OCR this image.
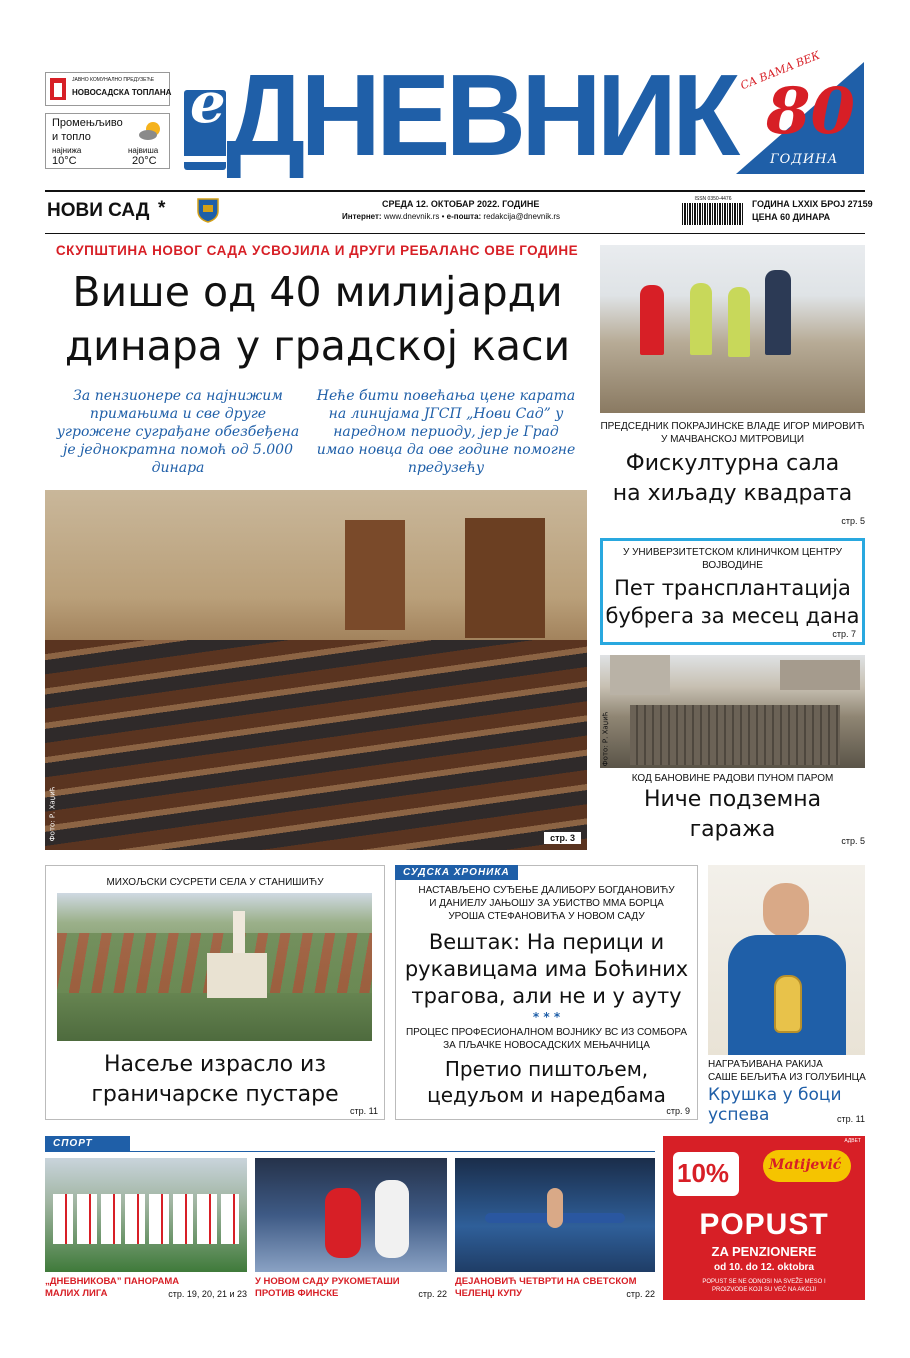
ЈАВНО КОМУНАЛНО ПРЕДУЗЕЋЕ
НОВОСАДСКА ТОПЛАНА
Промењљиво
и топло
најнижа
10°C
највиша
20°C
e ДНЕВНИК СА ВАМА ВЕК
80
ГОДИНА
НОВИ САД *	СРЕДА 12. ОКТОБАР 2022. ГОДИНЕ
Интернет: www.dnevnik.rs • е-пошта: redakcija@dnevnik.rs
ISSN 0350-4476	ГОДИНА LXXIX БРОЈ 27159
ЦЕНА 60 ДИНАРА
СКУПШТИНА НОВОГ САДА УСВОЈИЛА И ДРУГИ РЕБАЛАНС ОВЕ ГОДИНЕ
Више од 40 милијарди
динара у градској каси
За пензионере са најнижим примањима и све друге угрожене суграђане обезбеђена је једнократна помоћ од 5.000 динара
Неће бити повећања цене карата на линијама ЈГСП „Нови Сад” у наредном периоду, јер је Град имао новца да ове године помогне предузећу
Фото: Р. Хаџић	стр. 3
ПРЕДСЕДНИК ПОКРАЈИНСКЕ ВЛАДЕ ИГОР МИРОВИЋ
У МАЧВАНСКОЈ МИТРОВИЦИ
Фискултурна сала
на хиљаду квадрата
стр. 5
У УНИВЕРЗИТЕТСКОМ КЛИНИЧКОМ ЦЕНТРУ
ВОЈВОДИНЕ
Пет трансплантација
бубрега за месец дана
стр. 7
Фото: Р. Хаџић
КОД БАНОВИНЕ РАДОВИ ПУНОМ ПАРОМ
Ниче подземна
гаража	стр. 5
МИХОЉСКИ СУСРЕТИ СЕЛА У СТАНИШИЋУ
Насеље израсло из
граничарске пустаре
стр. 11
СУДСКА ХРОНИКА
НАСТАВЉЕНО СУЂЕЊЕ ДАЛИБОРУ БОГДАНОВИЋУ
И ДАНИЕЛУ ЈАЊОШУ ЗА УБИСТВО ММА БОРЦА
УРОША СТЕФАНОВИЋА У НОВОМ САДУ
Вештак: На перици и
рукавицама има Боћиних
трагова, али не и у ауту
* * *
ПРОЦЕС ПРОФЕСИОНАЛНОМ ВОЈНИКУ ВС ИЗ СОМБОРА
ЗА ПЉАЧКЕ НОВОСАДСКИХ МЕЊАЧНИЦА
Претио пиштољем,
цедуљом и наредбама
стр. 9
НАГРАЂИВАНА РАКИЈА
САШЕ БЕЉИЋА ИЗ ГОЛУБИНЦА
Крушка у боци
успева	стр. 11
СПОРТ
„ДНЕВНИКОВА” ПАНОРАМА
МАЛИХ ЛИГА	стр. 19, 20, 21 и 23
У НОВОМ САДУ РУКОМЕТАШИ
ПРОТИВ ФИНСКЕ	стр. 22
ДЕЈАНОВИЋ ЧЕТВРТИ НА СВЕТСКОМ
ЧЕЛЕНЏ КУПУ	стр. 22
АДВЕТ
10%	Matijević
POPUST
ZA PENZIONERE
od 10. do 12. oktobra
POPUST SE NE ODNOSI NA SVEŽE MESO I
PROIZVODE KOJI SU VEĆ NA AKCIJI
